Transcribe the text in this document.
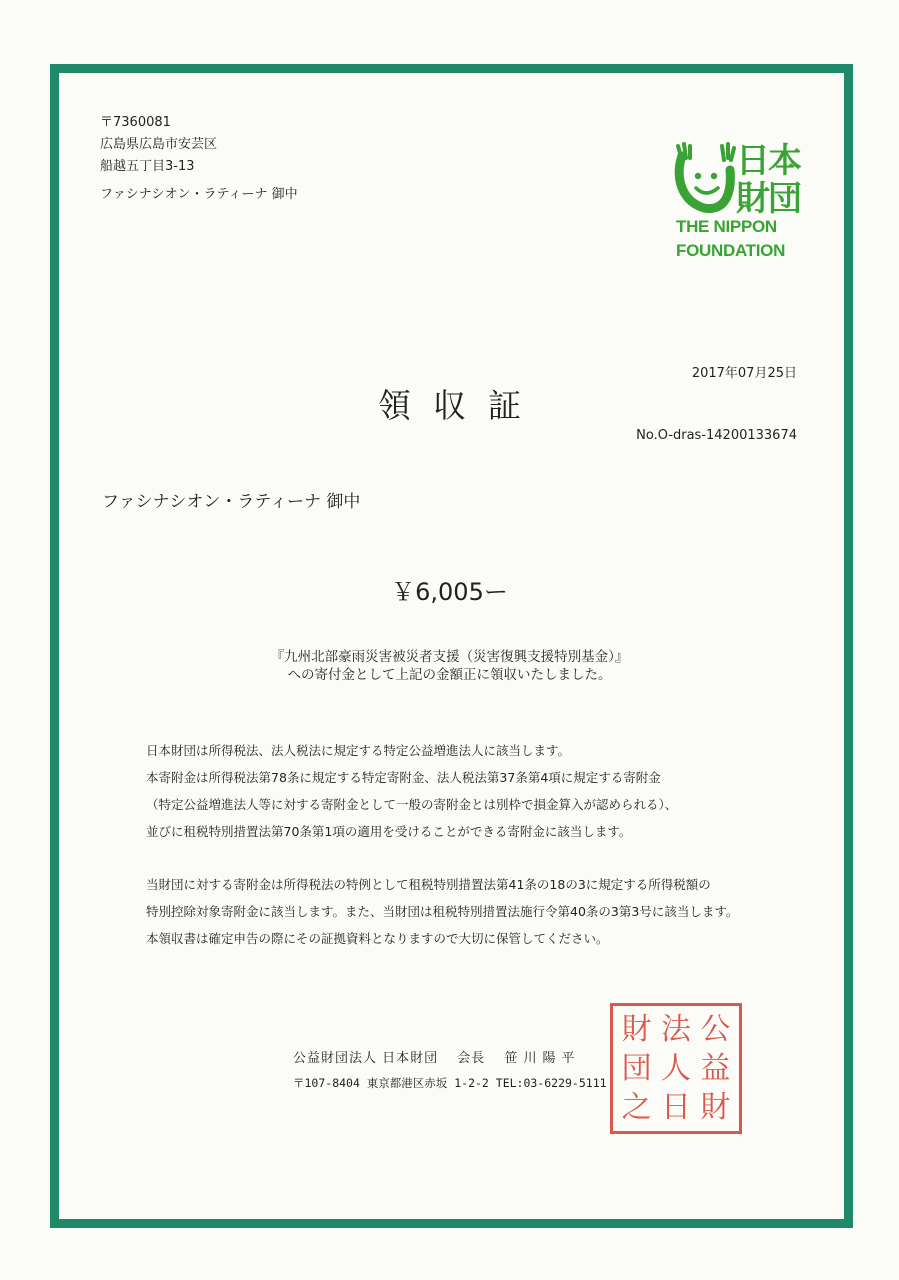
〒7360081
広島県広島市安芸区
船越五丁目3-13
ファシナシオン・ラティーナ 御中
日本
財団
THE NIPPON
FOUNDATION
2017年07月25日
領収証
No.O-dras-14200133674
ファシナシオン・ラティーナ 御中
￥6,005ー
『九州北部豪雨災害被災者支援（災害復興支援特別基金）』
への寄付金として上記の金額正に領収いたしました。
日本財団は所得税法、法人税法に規定する特定公益増進法人に該当します。
本寄附金は所得税法第78条に規定する特定寄附金、法人税法第37条第4項に規定する寄附金
（特定公益増進法人等に対する寄附金として一般の寄附金とは別枠で損金算入が認められる）、
並びに租税特別措置法第70条第1項の適用を受けることができる寄附金に該当します。
当財団に対する寄附金は所得税法の特例として租税特別措置法第41条の18の3に規定する所得税額の
特別控除対象寄附金に該当します。また、当財団は租税特別措置法施行令第40条の3第3号に該当します。
本領収書は確定申告の際にその証拠資料となりますので大切に保管してください。
財 法 公
団 人 益
之 日 財
公益財団法人 日本財団 会長 笹川陽平
〒107-8404 東京都港区赤坂 1-2-2 TEL:03-6229-5111
